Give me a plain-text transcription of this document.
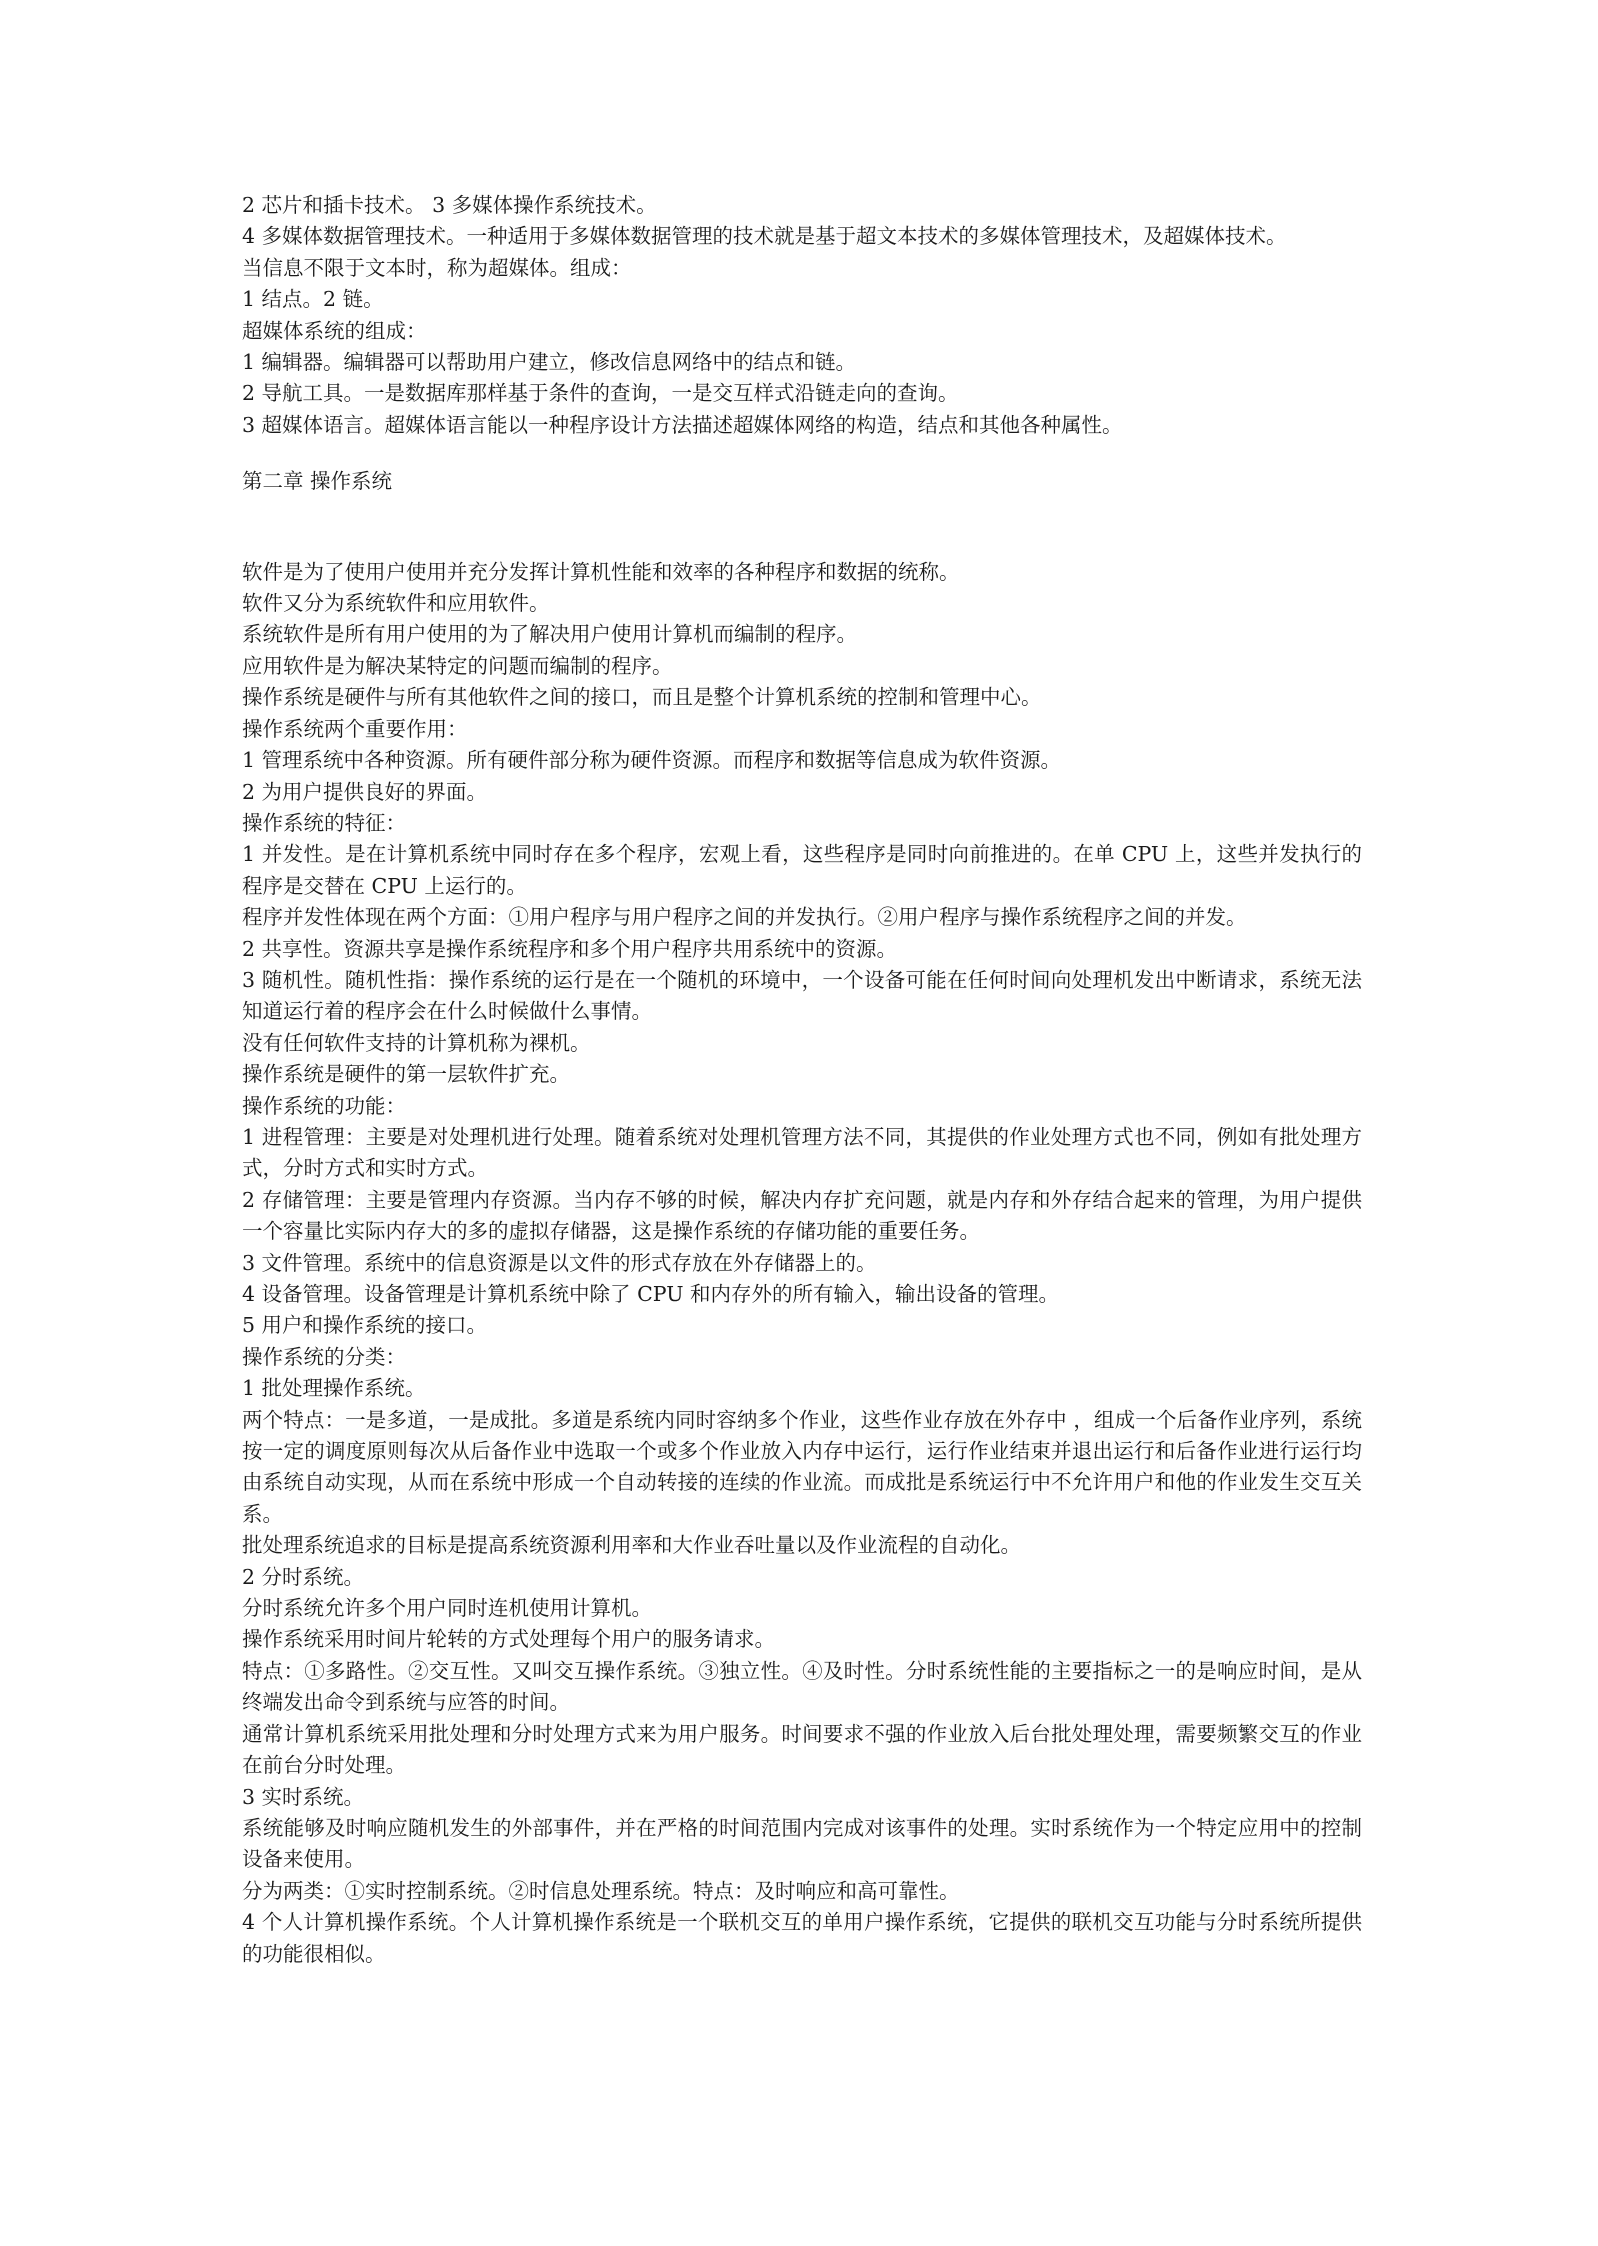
2 芯片和插卡技术。 3 多媒体操作系统技术。

4 多媒体数据管理技术。一种适用于多媒体数据管理的技术就是基于超文本技术的多媒体管理技术，及超媒体技术。

当信息不限于文本时，称为超媒体。组成：

1 结点。2 链。

超媒体系统的组成：

1 编辑器。编辑器可以帮助用户建立，修改信息网络中的结点和链。

2 导航工具。一是数据库那样基于条件的查询，一是交互样式沿链走向的查询。

3 超媒体语言。超媒体语言能以一种程序设计方法描述超媒体网络的构造，结点和其他各种属性。

第二章 操作系统

软件是为了使用户使用并充分发挥计算机性能和效率的各种程序和数据的统称。

软件又分为系统软件和应用软件。

系统软件是所有用户使用的为了解决用户使用计算机而编制的程序。

应用软件是为解决某特定的问题而编制的程序。

操作系统是硬件与所有其他软件之间的接口，而且是整个计算机系统的控制和管理中心。

操作系统两个重要作用：

1 管理系统中各种资源。所有硬件部分称为硬件资源。而程序和数据等信息成为软件资源。

2 为用户提供良好的界面。

操作系统的特征：

1 并发性。是在计算机系统中同时存在多个程序，宏观上看，这些程序是同时向前推进的。在单 CPU 上，这些并发执行的程序是交替在 CPU 上运行的。

程序并发性体现在两个方面：①用户程序与用户程序之间的并发执行。②用户程序与操作系统程序之间的并发。

2 共享性。资源共享是操作系统程序和多个用户程序共用系统中的资源。

3 随机性。随机性指：操作系统的运行是在一个随机的环境中，一个设备可能在任何时间向处理机发出中断请求，系统无法知道运行着的程序会在什么时候做什么事情。

没有任何软件支持的计算机称为裸机。

操作系统是硬件的第一层软件扩充。

操作系统的功能：

1 进程管理：主要是对处理机进行处理。随着系统对处理机管理方法不同，其提供的作业处理方式也不同，例如有批处理方式，分时方式和实时方式。

2 存储管理：主要是管理内存资源。当内存不够的时候，解决内存扩充问题，就是内存和外存结合起来的管理，为用户提供一个容量比实际内存大的多的虚拟存储器，这是操作系统的存储功能的重要任务。

3 文件管理。系统中的信息资源是以文件的形式存放在外存储器上的。

4 设备管理。设备管理是计算机系统中除了 CPU 和内存外的所有输入，输出设备的管理。

5 用户和操作系统的接口。

操作系统的分类：

1 批处理操作系统。

两个特点：一是多道，一是成批。多道是系统内同时容纳多个作业，这些作业存放在外存中 ，组成一个后备作业序列，系统按一定的调度原则每次从后备作业中选取一个或多个作业放入内存中运行，运行作业结束并退出运行和后备作业进行运行均由系统自动实现，从而在系统中形成一个自动转接的连续的作业流。而成批是系统运行中不允许用户和他的作业发生交互关系。

批处理系统追求的目标是提高系统资源利用率和大作业吞吐量以及作业流程的自动化。

2 分时系统。

分时系统允许多个用户同时连机使用计算机。

操作系统采用时间片轮转的方式处理每个用户的服务请求。

特点：①多路性。②交互性。又叫交互操作系统。③独立性。④及时性。分时系统性能的主要指标之一的是响应时间，是从终端发出命令到系统与应答的时间。

通常计算机系统采用批处理和分时处理方式来为用户服务。时间要求不强的作业放入后台批处理处理，需要频繁交互的作业在前台分时处理。

3 实时系统。

系统能够及时响应随机发生的外部事件，并在严格的时间范围内完成对该事件的处理。实时系统作为一个特定应用中的控制设备来使用。

分为两类：①实时控制系统。②时信息处理系统。特点：及时响应和高可靠性。

4 个人计算机操作系统。个人计算机操作系统是一个联机交互的单用户操作系统，它提供的联机交互功能与分时系统所提供的功能很相似。
